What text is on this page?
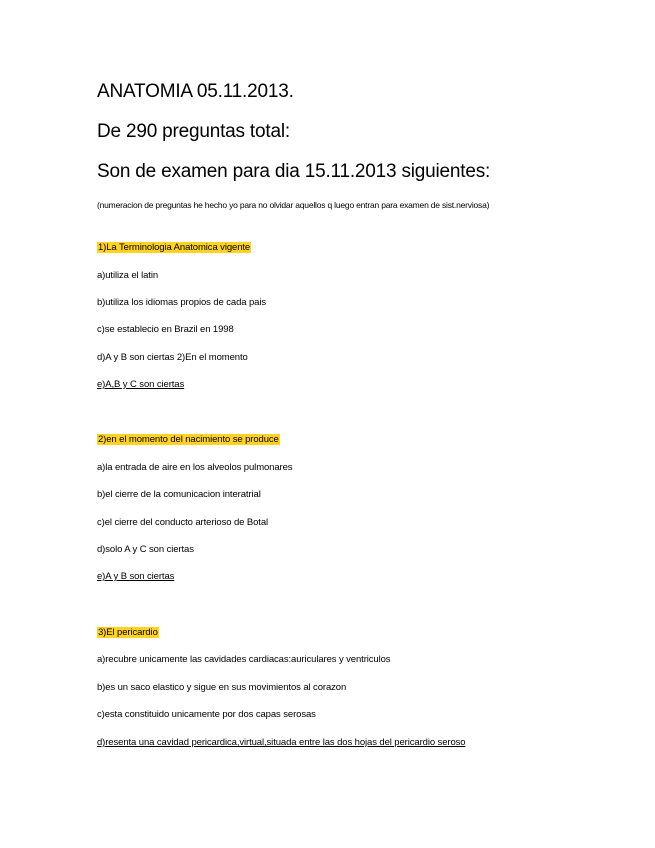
ANATOMIA 05.11.2013.
De 290 preguntas total:
Son de examen para dia 15.11.2013 siguientes:
(numeracion de preguntas he hecho yo para no olvidar aquellos q luego entran para examen de sist.nerviosa)
1)La Terminologia Anatomica vigente
a)utiliza el latin
b)utiliza los idiomas propios de cada pais
c)se establecio en Brazil en 1998
d)A y B son ciertas 2)En el momento
e)A,B y C son ciertas
2)en el momento del nacimiento se produce
a)la entrada de aire en los alveolos pulmonares
b)el cierre de la comunicacion interatrial
c)el cierre del conducto arterioso de Botal
d)solo A y C son ciertas
e)A y B son ciertas
3)El pericardio
a)recubre unicamente las cavidades cardiacas:auriculares y ventriculos
b)es un saco elastico y sigue en sus movimientos al corazon
c)esta constituido unicamente por dos capas serosas
d)resenta una cavidad pericardica,virtual,situada entre las dos hojas del pericardio seroso
